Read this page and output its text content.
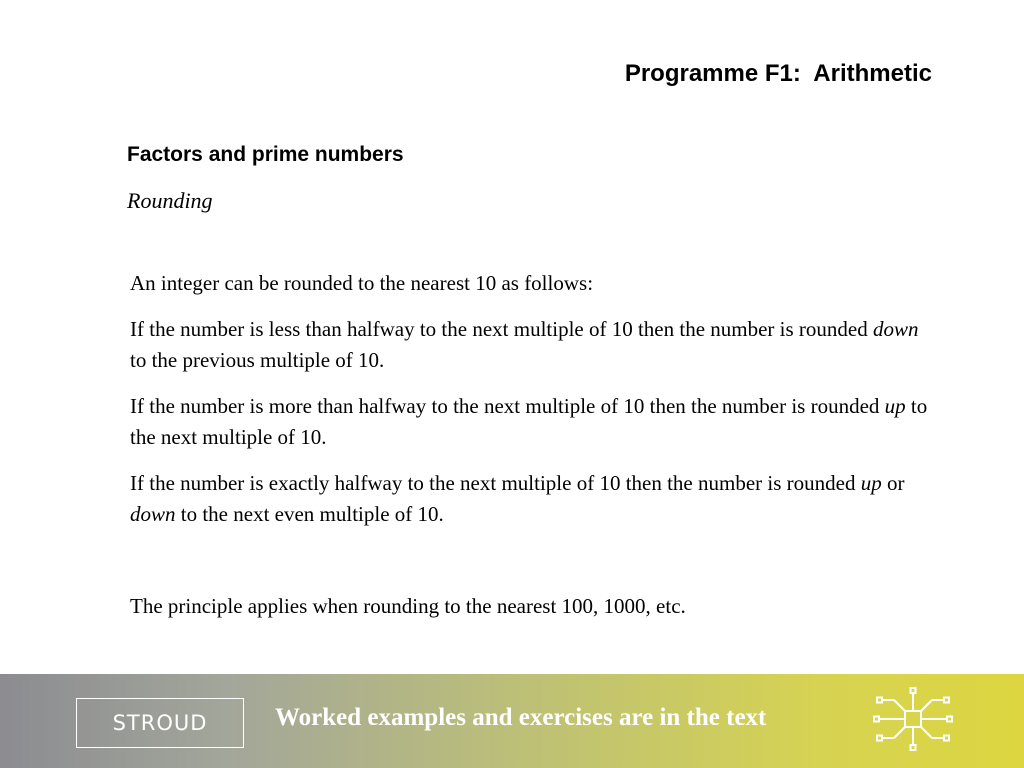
Programme F1:  Arithmetic
Factors and prime numbers
Rounding
An integer can be rounded to the nearest 10 as follows:
If the number is less than halfway to the next multiple of 10 then the number is rounded down to the previous multiple of 10.
If the number is more than halfway to the next multiple of 10 then the number is rounded up to the next multiple of 10.
If the number is exactly halfway to the next multiple of 10 then the number is rounded up or down to the next even multiple of 10.
The principle applies when rounding to the nearest 100, 1000, etc.
STROUD	Worked examples and exercises are in the text
